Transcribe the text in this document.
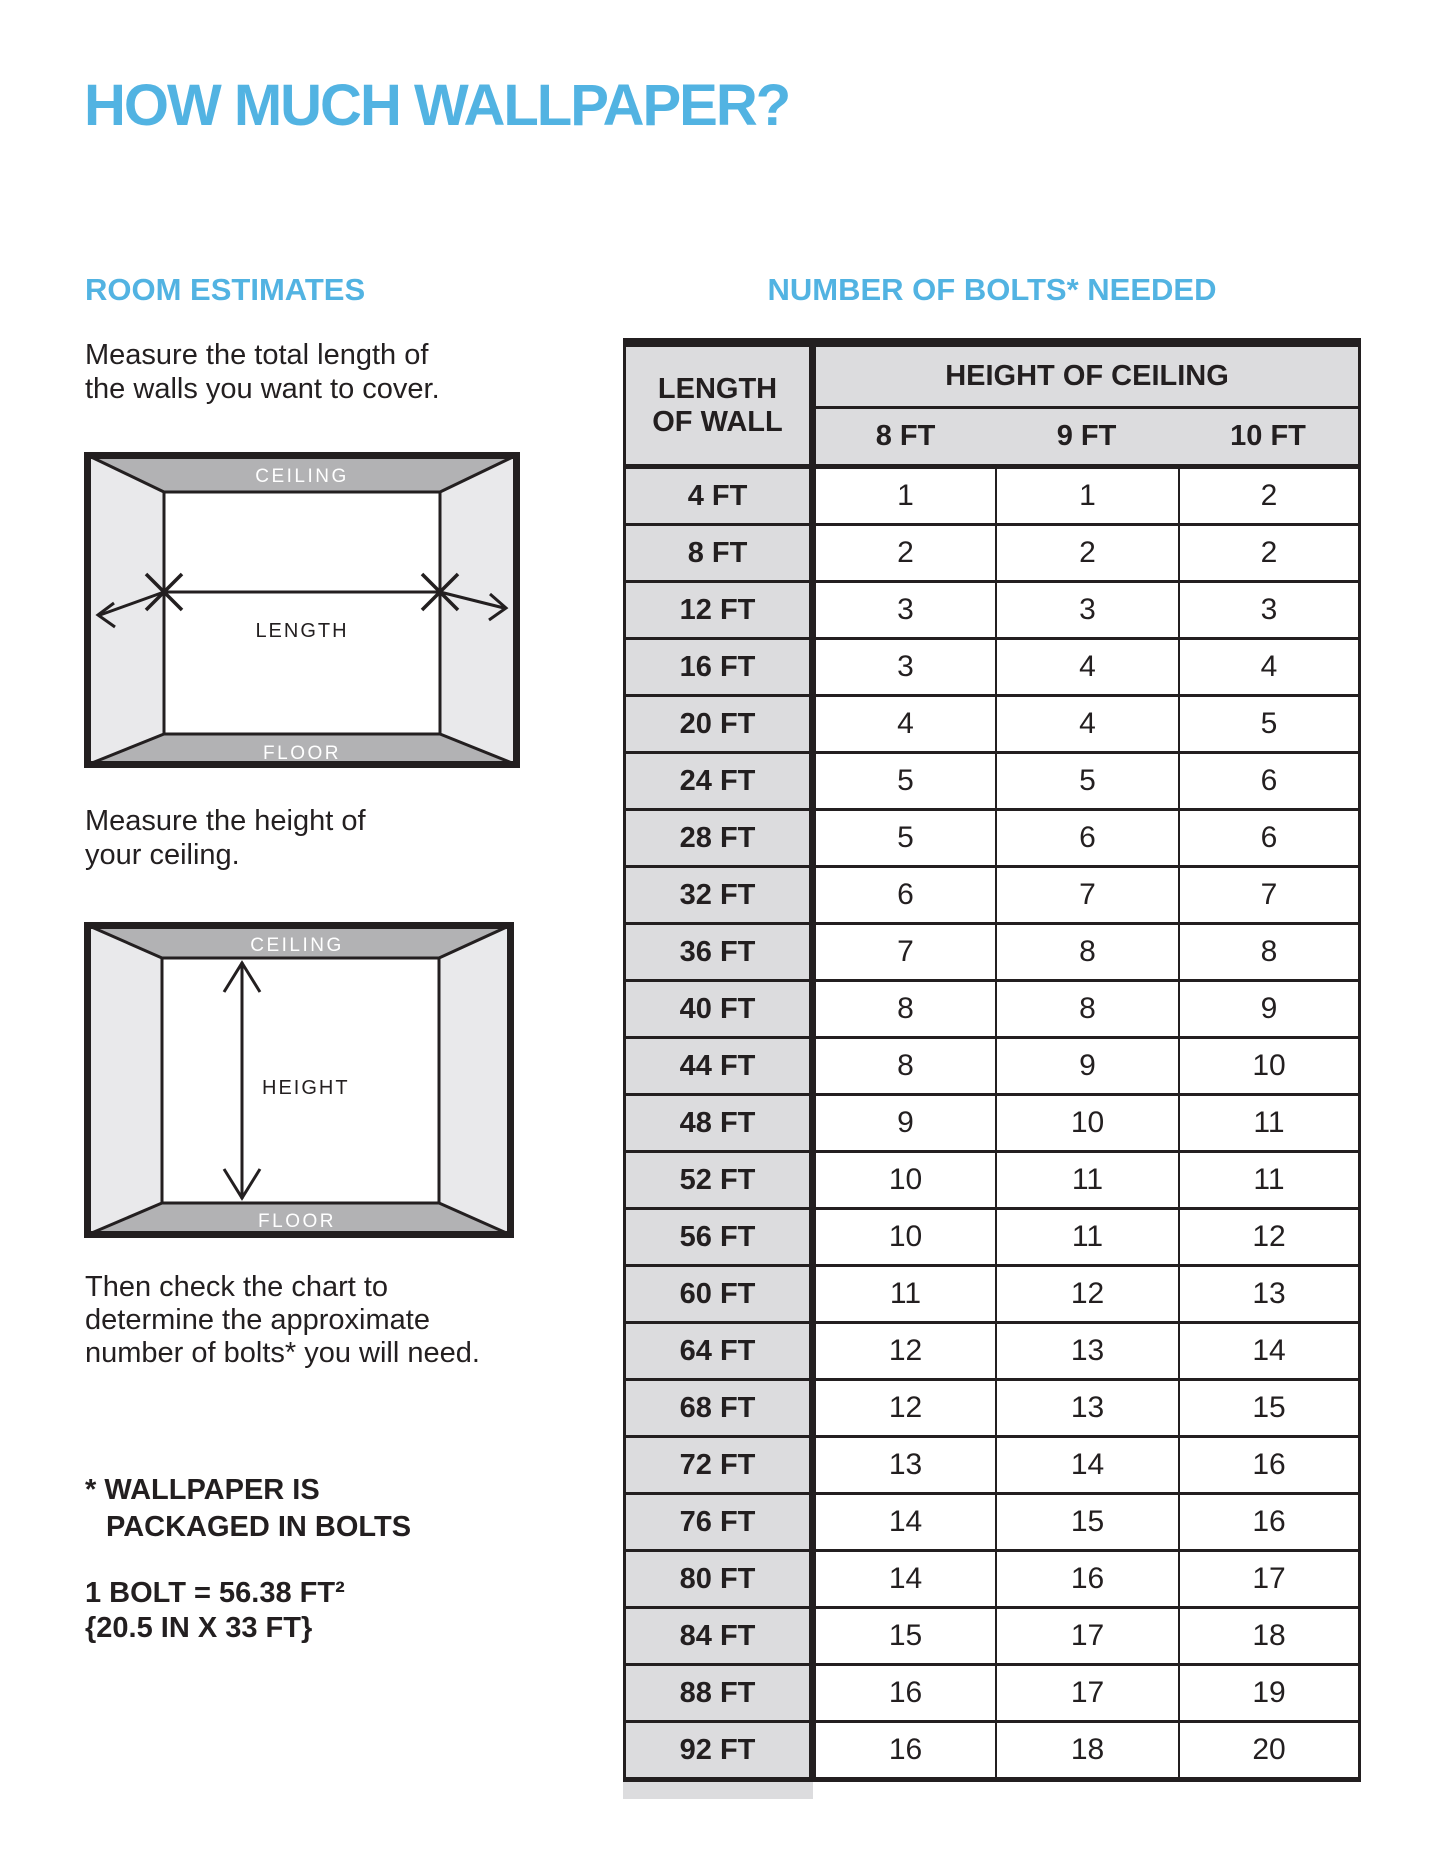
HOW MUCH WALLPAPER?
ROOM ESTIMATES

Measure the total length of
the walls you want to cover.

CEILING
FLOOR
LENGTH

Measure the height of
your ceiling.

CEILING
FLOOR
HEIGHT

Then check the chart to
determine the approximate
number of bolts* you will need.

* WALLPAPER IS
PACKAGED IN BOLTS

1 BOLT = 56.38 FT²
{20.5 IN X 33 FT}

NUMBER OF BOLTS* NEEDED
LENGTH
OF WALL
HEIGHT OF CEILING
8 FT	9 FT	10 FT
4 FT	1	1	2
8 FT	2	2	2
12 FT	3	3	3
16 FT	3	4	4
20 FT	4	4	5
24 FT	5	5	6
28 FT	5	6	6
32 FT	6	7	7
36 FT	7	8	8
40 FT	8	8	9
44 FT	8	9	10
48 FT	9	10	11
52 FT	10	11	11
56 FT	10	11	12
60 FT	11	12	13
64 FT	12	13	14
68 FT	12	13	15
72 FT	13	14	16
76 FT	14	15	16
80 FT	14	16	17
84 FT	15	17	18
88 FT	16	17	19
92 FT	16	18	20
